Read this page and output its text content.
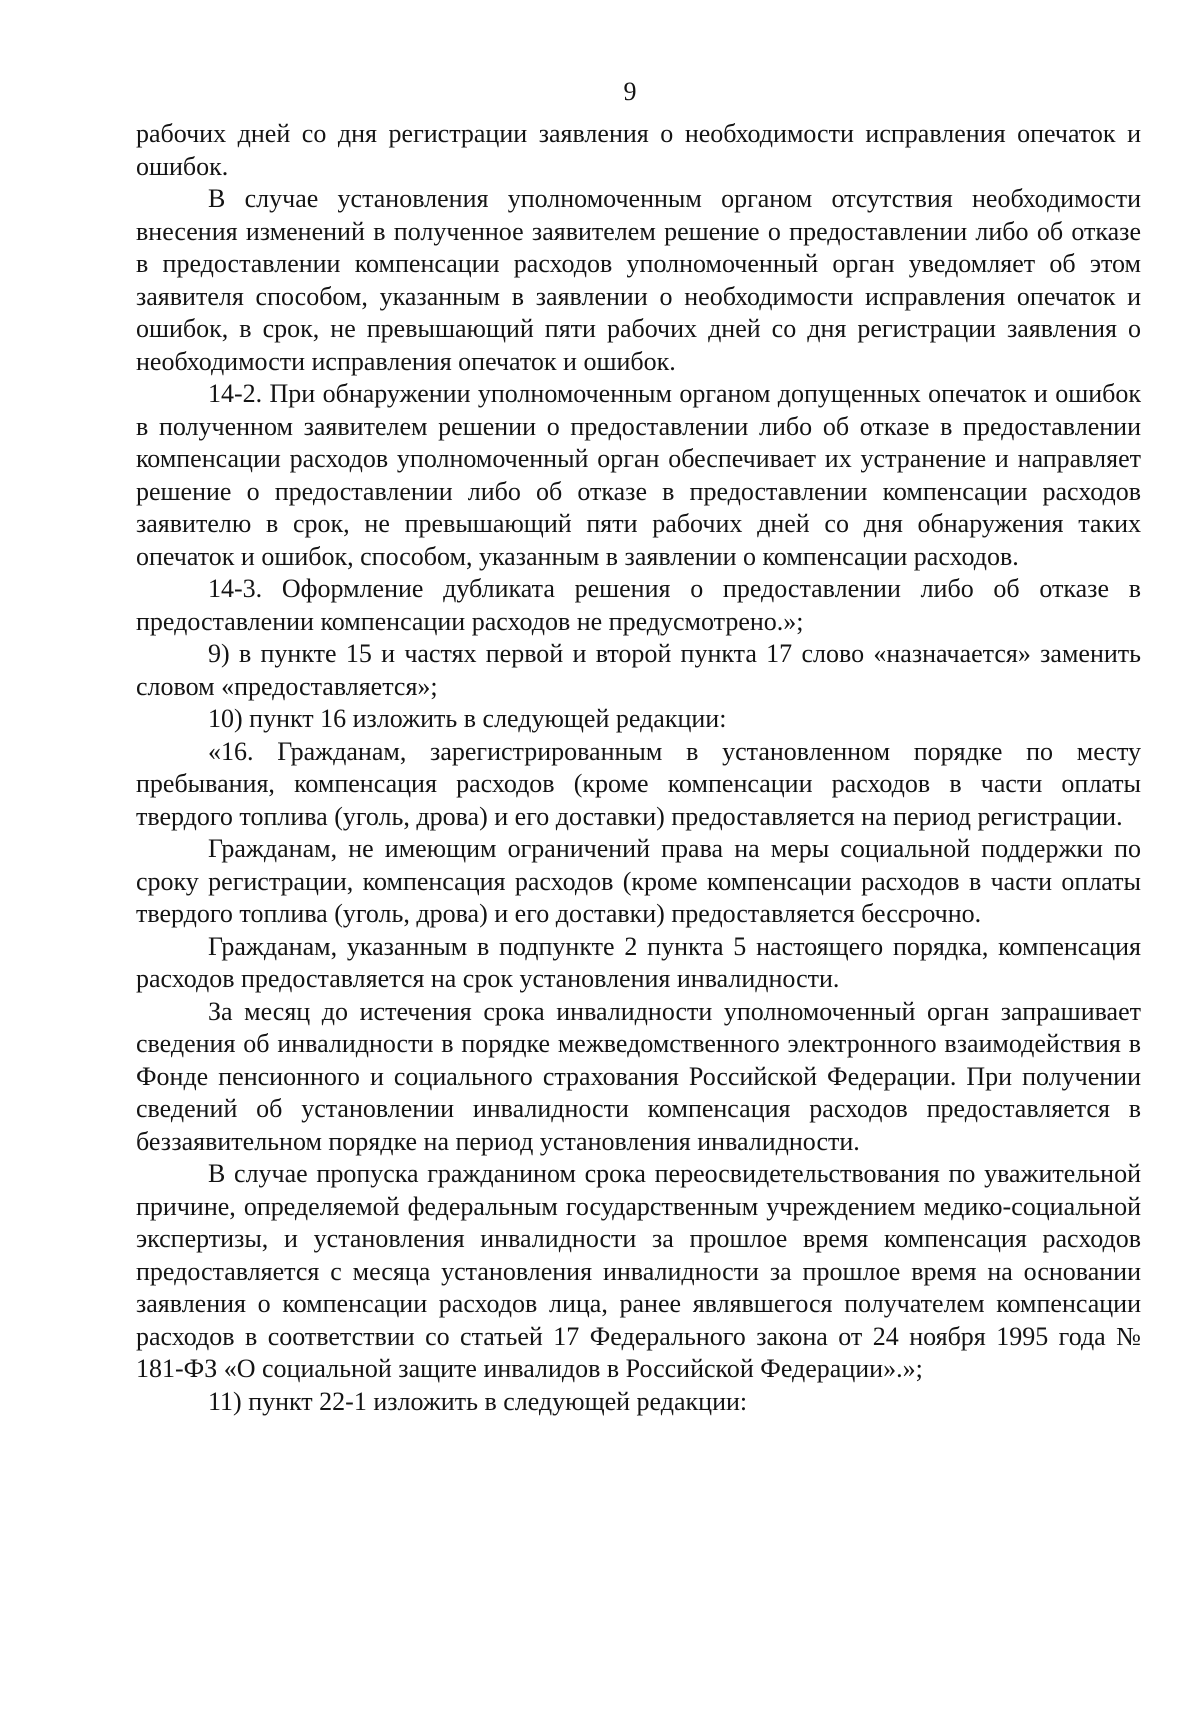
9

рабочих дней со дня регистрации заявления о необходимости исправления опечаток и ошибок.

В случае установления уполномоченным органом отсутствия необходимости внесения изменений в полученное заявителем решение о предоставлении либо об отказе в предоставлении компенсации расходов уполномоченный орган уведомляет об этом заявителя способом, указанным в заявлении о необходимости исправления опечаток и ошибок, в срок, не превышающий пяти рабочих дней со дня регистрации заявления о необходимости исправления опечаток и ошибок.

14-2. При обнаружении уполномоченным органом допущенных опечаток и ошибок в полученном заявителем решении о предоставлении либо об отказе в предоставлении компенсации расходов уполномоченный орган обеспечивает их устранение и направляет решение о предоставлении либо об отказе в предоставлении компенсации расходов заявителю в срок, не превышающий пяти рабочих дней со дня обнаружения таких опечаток и ошибок, способом, указанным в заявлении о компенсации расходов.

14-3. Оформление дубликата решения о предоставлении либо об отказе в предоставлении компенсации расходов не предусмотрено.»;

9) в пункте 15 и частях первой и второй пункта 17 слово «назначается» заменить словом «предоставляется»;

10) пункт 16 изложить в следующей редакции:

«16. Гражданам, зарегистрированным в установленном порядке по месту пребывания, компенсация расходов (кроме компенсации расходов в части оплаты твердого топлива (уголь, дрова) и его доставки) предоставляется на период регистрации.

Гражданам, не имеющим ограничений права на меры социальной поддержки по сроку регистрации, компенсация расходов (кроме компенсации расходов в части оплаты твердого топлива (уголь, дрова) и его доставки) предоставляется бессрочно.

Гражданам, указанным в подпункте 2 пункта 5 настоящего порядка, компенсация расходов предоставляется на срок установления инвалидности.

За месяц до истечения срока инвалидности уполномоченный орган запрашивает сведения об инвалидности в порядке межведомственного электронного взаимодействия в Фонде пенсионного и социального страхования Российской Федерации. При получении сведений об установлении инвалидности компенсация расходов предоставляется в беззаявительном порядке на период установления инвалидности.

В случае пропуска гражданином срока переосвидетельствования по уважительной причине, определяемой федеральным государственным учреждением медико-социальной экспертизы, и установления инвалидности за прошлое время компенсация расходов предоставляется с месяца установления инвалидности за прошлое время на основании заявления о компенсации расходов лица, ранее являвшегося получателем компенсации расходов в соответствии со статьей 17 Федерального закона от 24 ноября 1995 года № 181-ФЗ «О социальной защите инвалидов в Российской Федерации».»;

11) пункт 22-1 изложить в следующей редакции:
